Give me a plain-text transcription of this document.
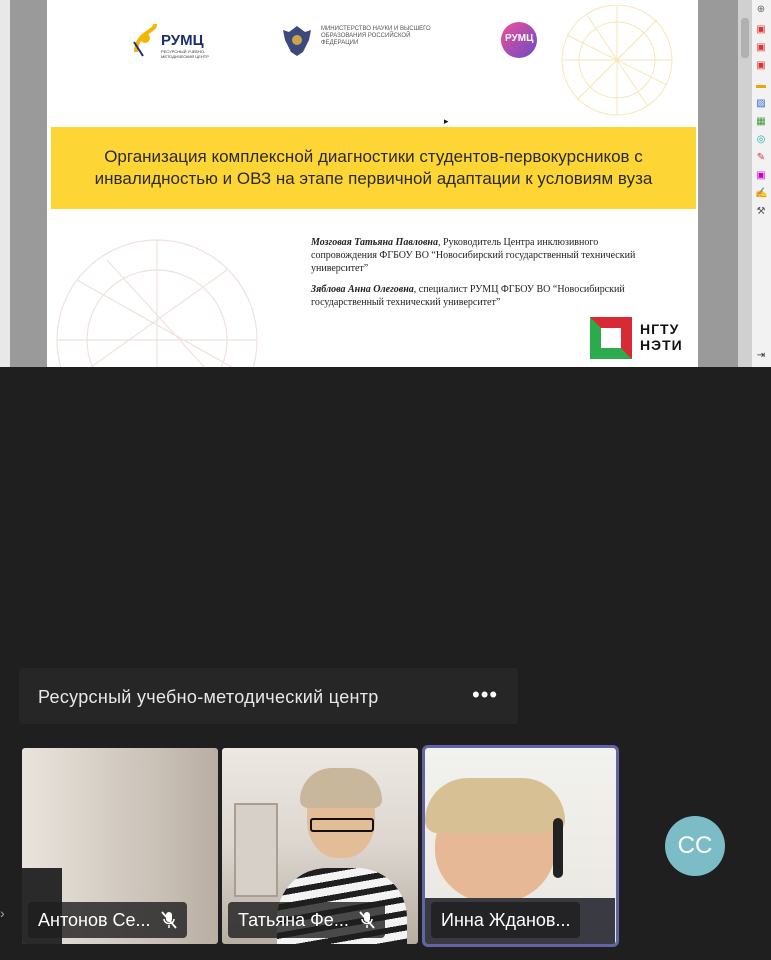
РУМЦ
РЕСУРСНЫЙ УЧЕБНО-МЕТОДИЧЕСКИЙ ЦЕНТР
МИНИСТЕРСТВО НАУКИ И ВЫСШЕГО ОБРАЗОВАНИЯ РОССИЙСКОЙ ФЕДЕРАЦИИ	РУМЦ
▸
Организация комплексной диагностики студентов-первокурсников с инвалидностью и ОВЗ на этапе первичной адаптации к условиям вуза

Мозговая Татьяна Павловна, Руководитель Центра инклюзивного сопровождения ФГБОУ ВО “Новосибирский государственный технический университет”

Зяблова Анна Олеговна, специалист РУМЦ ФГБОУ ВО “Новосибирский государственный технический университет”

НГТУ
НЭТИ
⊕
▣
▣
▣
▬
▨
▦
◎
✎
▣
✍
⚒
⇥
Ресурсный учебно-методический центр	•••
Антонов Се...	Татьяна Фе...	Инна Жданов...
СС
›
